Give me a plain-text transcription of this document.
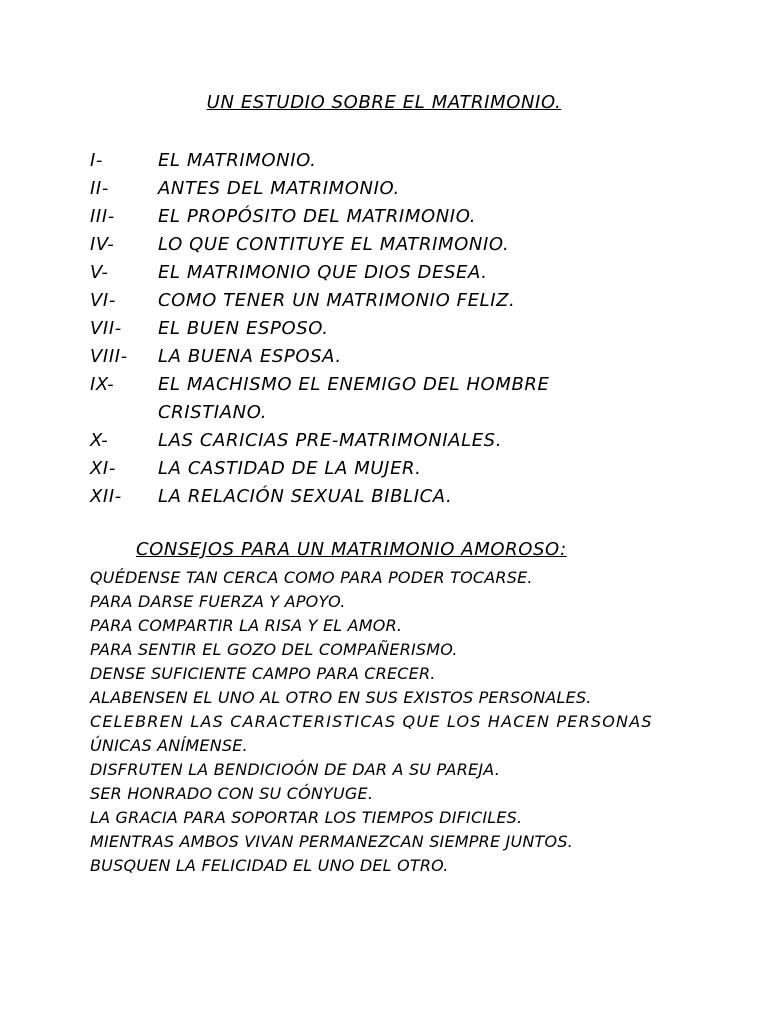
UN ESTUDIO SOBRE EL MATRIMONIO.
I-	EL MATRIMONIO.
II-	ANTES DEL MATRIMONIO.
III-	EL PROPÓSITO DEL MATRIMONIO.
IV-	LO QUE CONTITUYE EL MATRIMONIO.
V-	EL MATRIMONIO QUE DIOS DESEA.
VI-	COMO TENER UN MATRIMONIO FELIZ.
VII-	EL BUEN ESPOSO.
VIII-	LA BUENA ESPOSA.
IX-	EL MACHISMO EL ENEMIGO DEL HOMBRE
CRISTIANO.
X-	LAS CARICIAS PRE-MATRIMONIALES.
XI-	LA CASTIDAD DE LA MUJER.
XII-	LA RELACIÓN SEXUAL BIBLICA.
CONSEJOS PARA UN MATRIMONIO AMOROSO:
QUÉDENSE TAN CERCA COMO PARA PODER TOCARSE.
PARA DARSE FUERZA Y APOYO.
PARA COMPARTIR LA RISA Y EL AMOR.
PARA SENTIR EL GOZO DEL COMPAÑERISMO.
DENSE SUFICIENTE CAMPO PARA CRECER.
ALABENSEN EL UNO AL OTRO EN SUS EXISTOS PERSONALES.
CELEBREN LAS CARACTERISTICAS QUE LOS HACEN PERSONAS
ÚNICAS ANÍMENSE.
DISFRUTEN LA BENDICIOÓN DE DAR A SU PAREJA.
SER HONRADO CON SU CÓNYUGE.
LA GRACIA PARA SOPORTAR LOS TIEMPOS DIFICILES.
MIENTRAS AMBOS VIVAN PERMANEZCAN SIEMPRE JUNTOS.
BUSQUEN LA FELICIDAD EL UNO DEL OTRO.
